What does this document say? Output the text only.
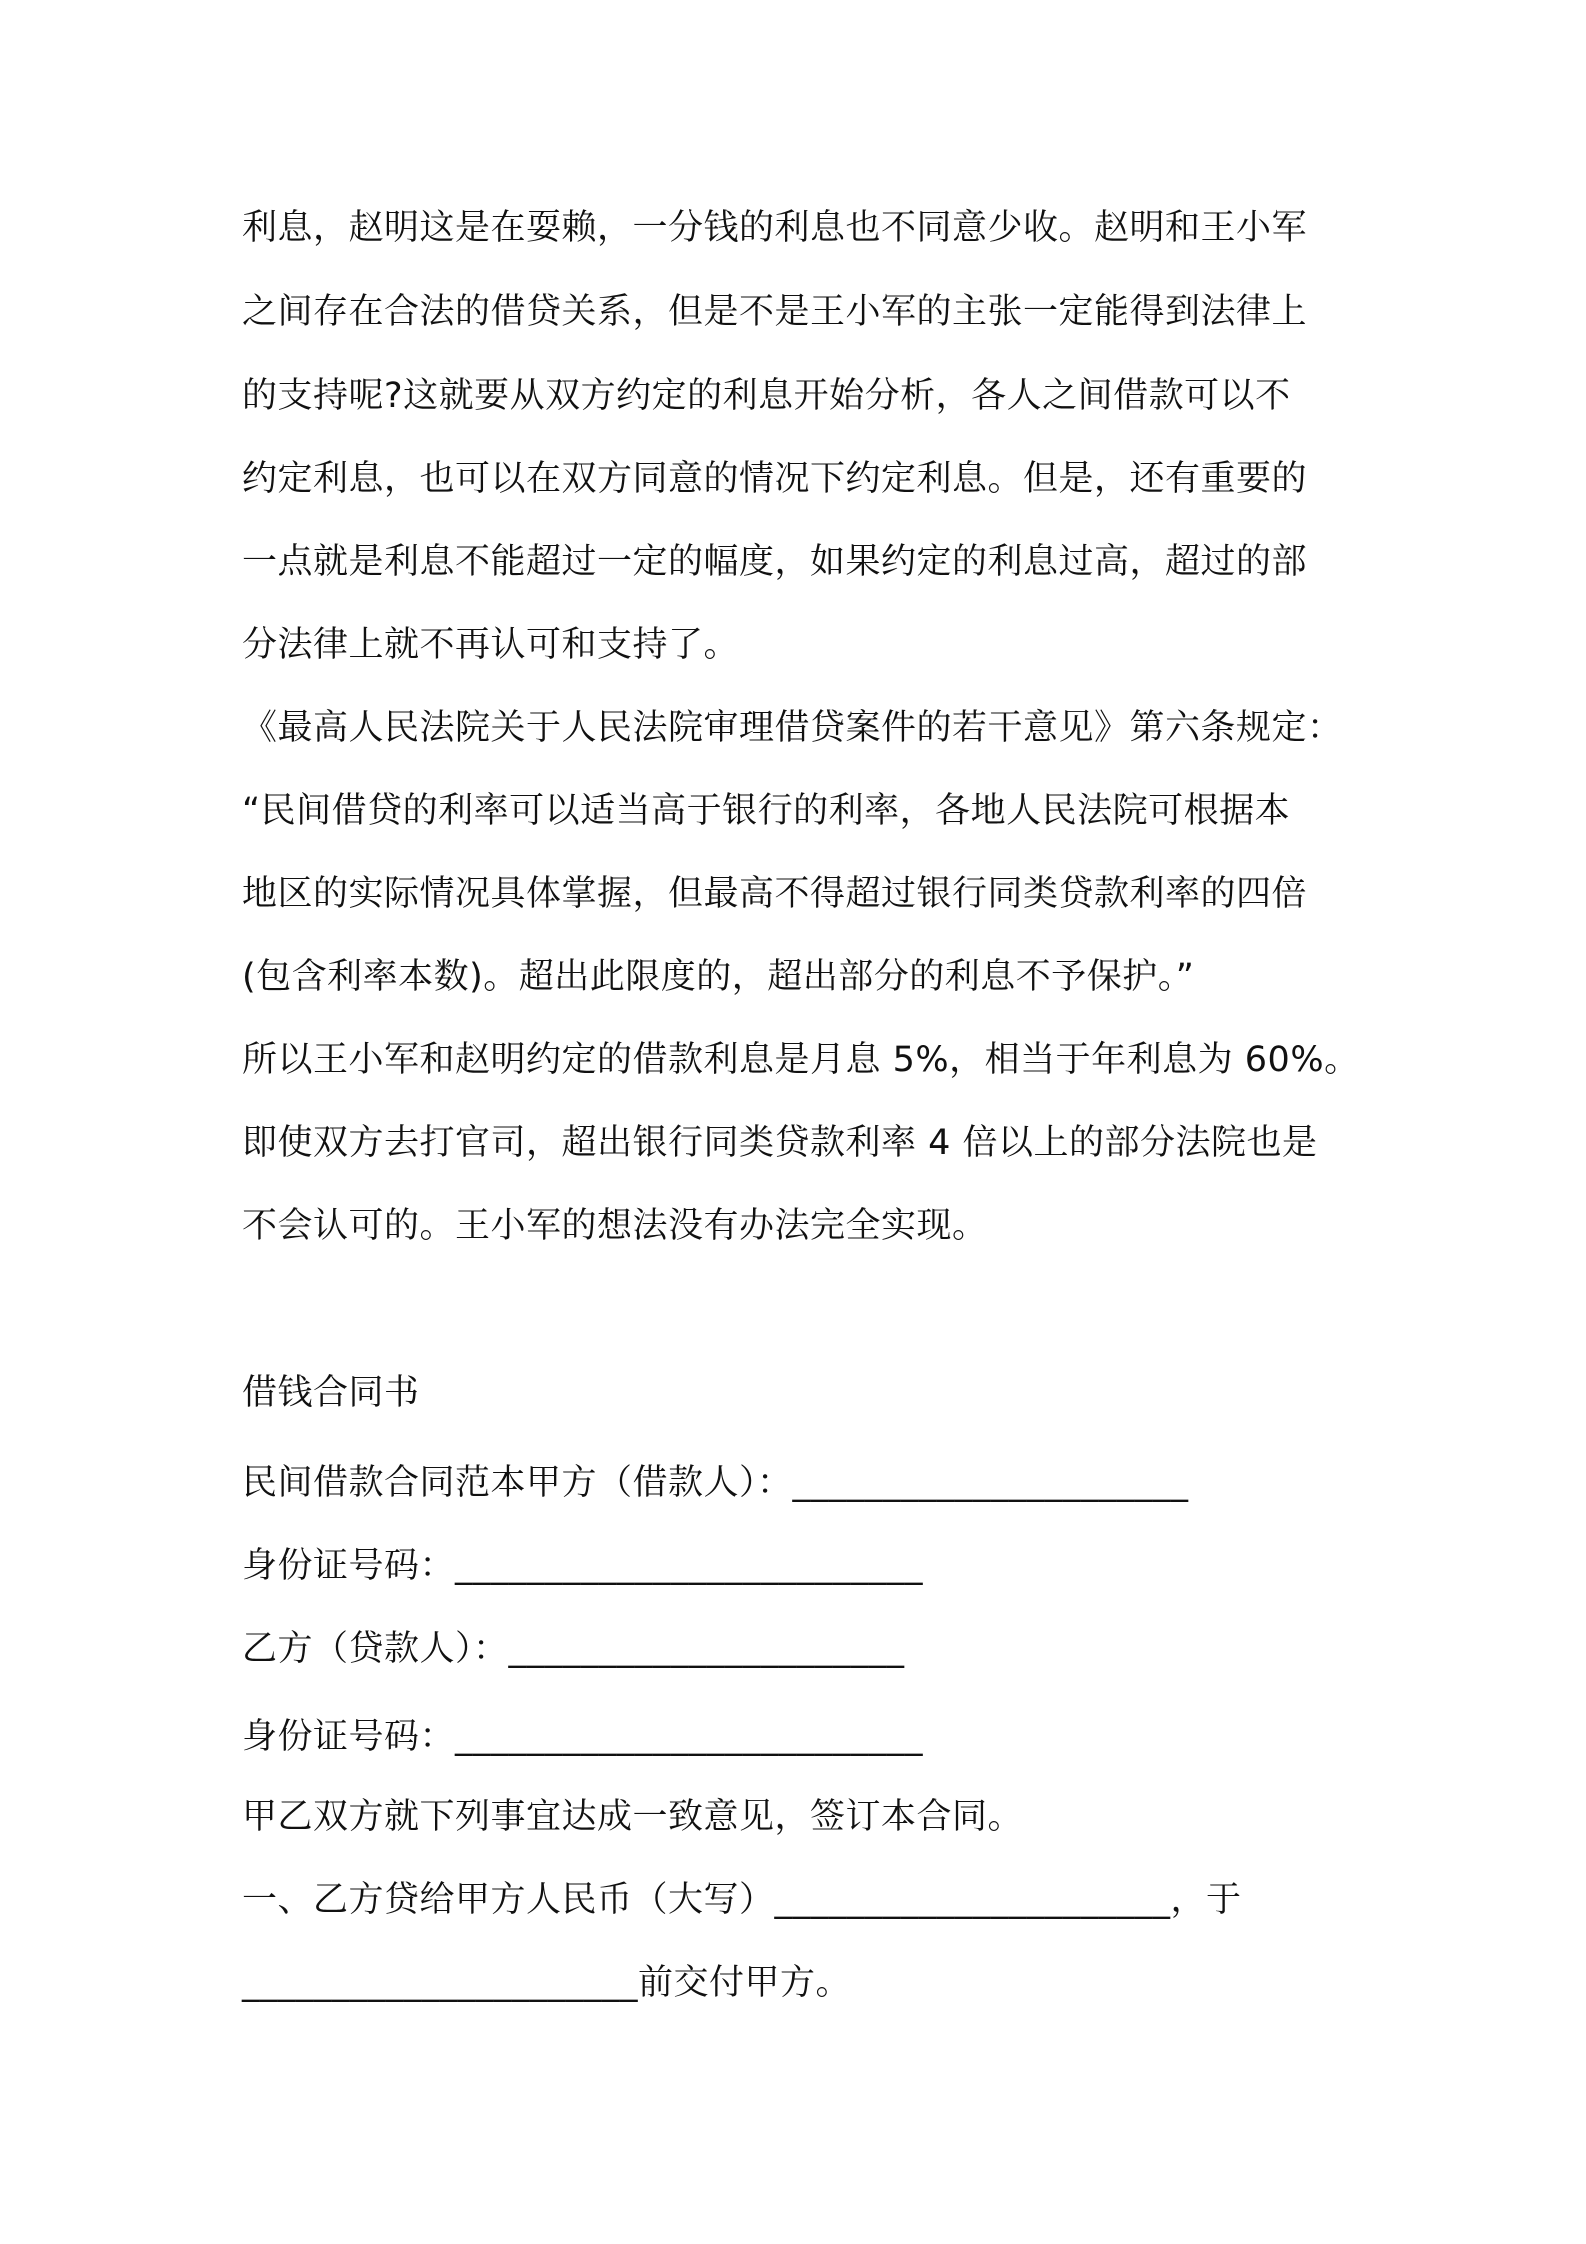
利息，赵明这是在耍赖，一分钱的利息也不同意少收。赵明和王小军
之间存在合法的借贷关系，但是不是王小军的主张一定能得到法律上
的支持呢?这就要从双方约定的利息开始分析，各人之间借款可以不
约定利息，也可以在双方同意的情况下约定利息。但是，还有重要的
一点就是利息不能超过一定的幅度，如果约定的利息过高，超过的部
分法律上就不再认可和支持了。
《最高人民法院关于人民法院审理借贷案件的若干意见》第六条规定：
“民间借贷的利率可以适当高于银行的利率，各地人民法院可根据本
地区的实际情况具体掌握，但最高不得超过银行同类贷款利率的四倍
(包含利率本数)。超出此限度的，超出部分的利息不予保护。”
所以王小军和赵明约定的借款利息是月息 5%，相当于年利息为 60%。
即使双方去打官司，超出银行同类贷款利率 4 倍以上的部分法院也是
不会认可的。王小军的想法没有办法完全实现。
借钱合同书
民间借款合同范本甲方（借款人）：______________________
身份证号码：__________________________
乙方（贷款人）：______________________
身份证号码：__________________________
甲乙双方就下列事宜达成一致意见，签订本合同。
一、乙方贷给甲方人民币（大写）______________________，于
______________________前交付甲方。
